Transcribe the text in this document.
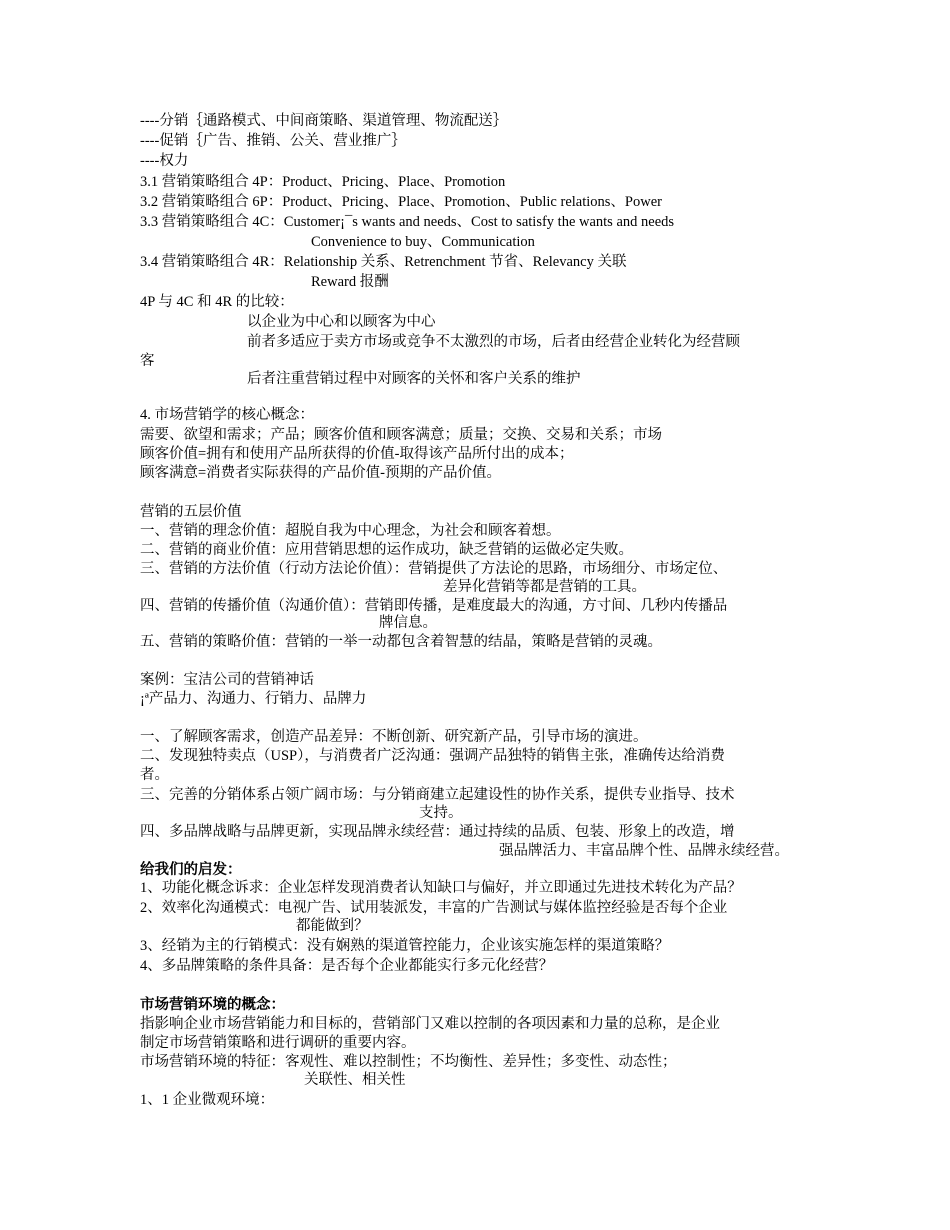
----分销｛通路模式、中间商策略、渠道管理、物流配送｝
----促销｛广告、推销、公关、营业推广｝
----权力
3.1 营销策略组合 4P：Product、Pricing、Place、Promotion
3.2 营销策略组合 6P：Product、Pricing、Place、Promotion、Public relations、Power
3.3 营销策略组合 4C：Customer¡¯s wants and needs、Cost to satisfy the wants and needs
Convenience to buy、Communication
3.4 营销策略组合 4R：Relationship 关系、Retrenchment 节省、Relevancy 关联
Reward 报酬
4P 与 4C 和 4R 的比较：
以企业为中心和以顾客为中心
前者多适应于卖方市场或竞争不太激烈的市场，后者由经营企业转化为经营顾
客
后者注重营销过程中对顾客的关怀和客户关系的维护
4. 市场营销学的核心概念：
需要、欲望和需求；产品；顾客价值和顾客满意；质量；交换、交易和关系；市场
顾客价值=拥有和使用产品所获得的价值-取得该产品所付出的成本；
顾客满意=消费者实际获得的产品价值-预期的产品价值。
营销的五层价值
一、营销的理念价值：超脱自我为中心理念，为社会和顾客着想。
二、营销的商业价值：应用营销思想的运作成功，缺乏营销的运做必定失败。
三、营销的方法价值（行动方法论价值）：营销提供了方法论的思路，市场细分、市场定位、
差异化营销等都是营销的工具。
四、营销的传播价值（沟通价值）：营销即传播，是难度最大的沟通，方寸间、几秒内传播品
牌信息。
五、营销的策略价值：营销的一举一动都包含着智慧的结晶，策略是营销的灵魂。
案例：宝洁公司的营销神话
¡ª产品力、沟通力、行销力、品牌力
一、了解顾客需求，创造产品差异：不断创新、研究新产品，引导市场的演进。
二、发现独特卖点（USP），与消费者广泛沟通：强调产品独特的销售主张，准确传达给消费
者。
三、完善的分销体系占领广阔市场：与分销商建立起建设性的协作关系，提供专业指导、技术
支持。
四、多品牌战略与品牌更新，实现品牌永续经营：通过持续的品质、包装、形象上的改造，增
强品牌活力、丰富品牌个性、品牌永续经营。
给我们的启发：
1、功能化概念诉求：企业怎样发现消费者认知缺口与偏好，并立即通过先进技术转化为产品？
2、效率化沟通模式：电视广告、试用装派发，丰富的广告测试与媒体监控经验是否每个企业
都能做到？
3、经销为主的行销模式：没有娴熟的渠道管控能力，企业该实施怎样的渠道策略？
4、多品牌策略的条件具备：是否每个企业都能实行多元化经营？
市场营销环境的概念：
指影响企业市场营销能力和目标的，营销部门又难以控制的各项因素和力量的总称，是企业
制定市场营销策略和进行调研的重要内容。
市场营销环境的特征：客观性、难以控制性；不均衡性、差异性；多变性、动态性；
关联性、相关性
1、1 企业微观环境：
